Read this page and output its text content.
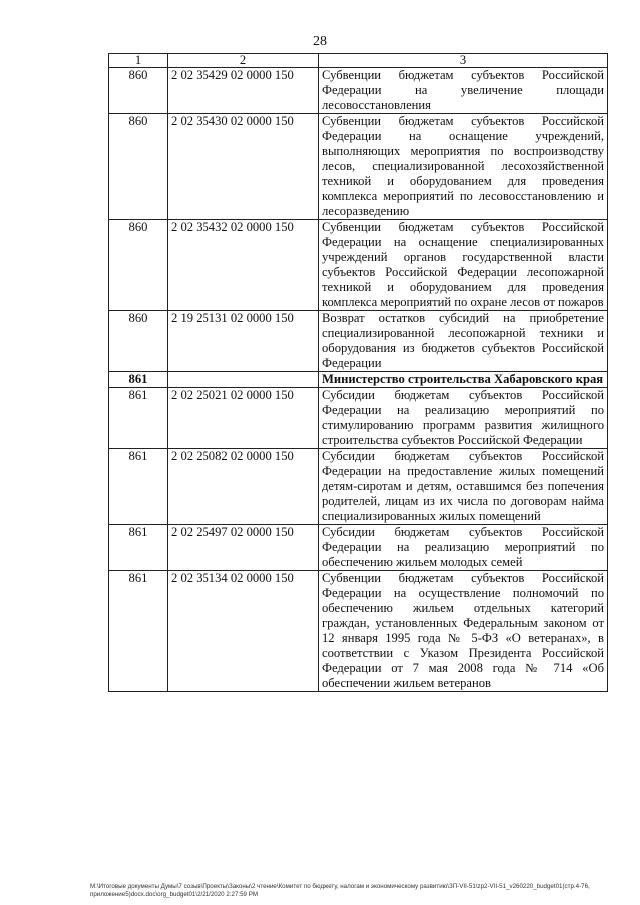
28
1	2	3
860	2 02 35429 02 0000 150	Субвенции бюджетам субъектов Российской Федерации на увеличение площади лесовосстановления
860	2 02 35430 02 0000 150	Субвенции бюджетам субъектов Российской Федерации на оснащение учреждений, выполняющих мероприятия по воспроизводству лесов, специализированной лесохозяйственной техникой и оборудованием для проведения комплекса мероприятий по лесовосстановлению и лесоразведению
860	2 02 35432 02 0000 150	Субвенции бюджетам субъектов Российской Федерации на оснащение специализированных учреждений органов государственной власти субъектов Российской Федерации лесопожарной техникой и оборудованием для проведения комплекса мероприятий по охране лесов от пожаров
860	2 19 25131 02 0000 150	Возврат остатков субсидий на приобретение специализированной лесопожарной техники и оборудования из бюджетов субъектов Российской Федерации
861		Министерство строительства Хабаровского края
861	2 02 25021 02 0000 150	Субсидии бюджетам субъектов Российской Федерации на реализацию мероприятий по стимулированию программ развития жилищного строительства субъектов Российской Федерации
861	2 02 25082 02 0000 150	Субсидии бюджетам субъектов Российской Федерации на предоставление жилых помещений детям-сиротам и детям, оставшимся без попечения родителей, лицам из их числа по договорам найма специализированных жилых помещений
861	2 02 25497 02 0000 150	Субсидии бюджетам субъектов Российской Федерации на реализацию мероприятий по обеспечению жильем молодых семей
861	2 02 35134 02 0000 150	Субвенции бюджетам субъектов Российской Федерации на осуществление полномочий по обеспечению жильем отдельных категорий граждан, установленных Федеральным законом от 12 января 1995 года № 5-ФЗ «О ветеранах», в соответствии с Указом Президента Российской Федерации от 7 мая 2008 года № 714 «Об обеспечении жильем ветеранов
M:\Итоговые документы Думы\7 созыв\Проекты\Законы\2 чтение\Комитет по бюджету, налогам и экономическому развитию\ЗП-VII-51\zp2-VII-51_v260220_budget01(стр.4-76, приложение5)docx.doc\org_budget01\2/21/2020 2:27:59 PM
